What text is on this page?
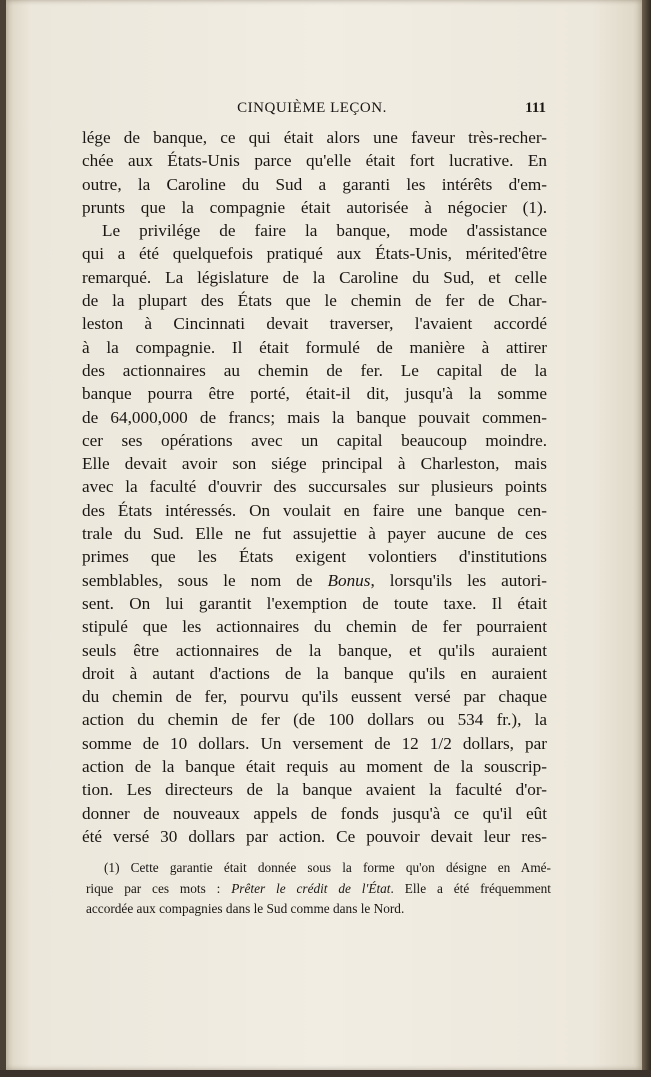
CINQUIÈME LEÇON.	111
lége de banque, ce qui était alors une faveur très-recher-
chée aux États-Unis parce qu'elle était fort lucrative. En
outre, la Caroline du Sud a garanti les intérêts d'em-
prunts que la compagnie était autorisée à négocier (1).
Le privilége de faire la banque, mode d'assistance
qui a été quelquefois pratiqué aux États-Unis, mérited'être
remarqué. La législature de la Caroline du Sud, et celle
de la plupart des États que le chemin de fer de Char-
leston à Cincinnati devait traverser, l'avaient accordé
à la compagnie. Il était formulé de manière à attirer
des actionnaires au chemin de fer. Le capital de la
banque pourra être porté, était-il dit, jusqu'à la somme
de 64,000,000 de francs; mais la banque pouvait commen-
cer ses opérations avec un capital beaucoup moindre.
Elle devait avoir son siége principal à Charleston, mais
avec la faculté d'ouvrir des succursales sur plusieurs points
des États intéressés. On voulait en faire une banque cen-
trale du Sud. Elle ne fut assujettie à payer aucune de ces
primes que les États exigent volontiers d'institutions
semblables, sous le nom de Bonus, lorsqu'ils les autori-
sent. On lui garantit l'exemption de toute taxe. Il était
stipulé que les actionnaires du chemin de fer pourraient
seuls être actionnaires de la banque, et qu'ils auraient
droit à autant d'actions de la banque qu'ils en auraient
du chemin de fer, pourvu qu'ils eussent versé par chaque
action du chemin de fer (de 100 dollars ou 534 fr.), la
somme de 10 dollars. Un versement de 12 1/2 dollars, par
action de la banque était requis au moment de la souscrip-
tion. Les directeurs de la banque avaient la faculté d'or-
donner de nouveaux appels de fonds jusqu'à ce qu'il eût
été versé 30 dollars par action. Ce pouvoir devait leur res-
(1) Cette garantie était donnée sous la forme qu'on désigne en Amé-
rique par ces mots : Prêter le crédit de l'État. Elle a été fréquemment
accordée aux compagnies dans le Sud comme dans le Nord.
